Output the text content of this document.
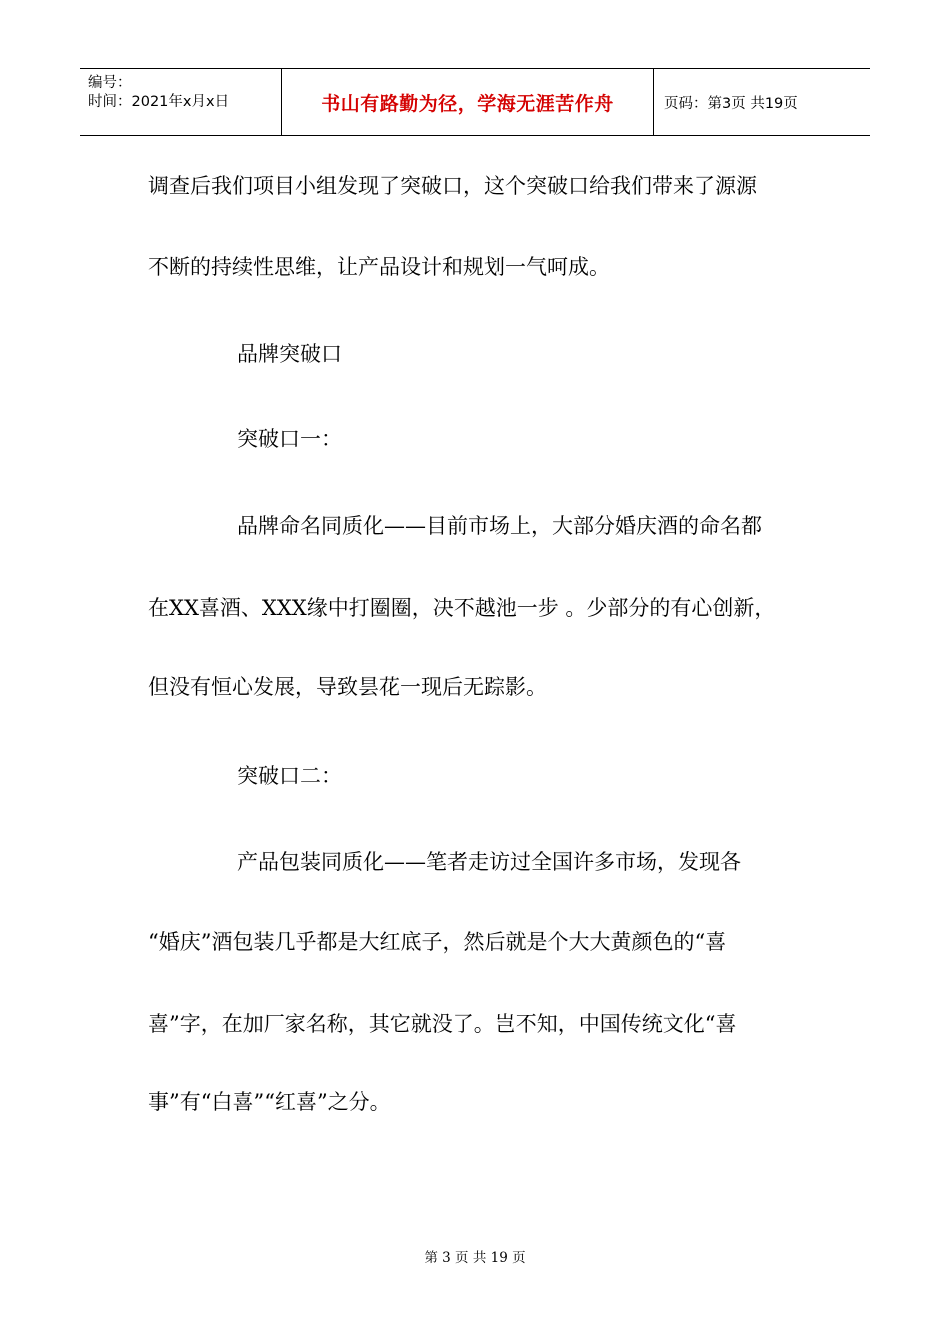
编号：
时间：2021年x月x日	书山有路勤为径，学海无涯苦作舟	页码：第3页 共19页
调查后我们项目小组发现了突破口，这个突破口给我们带来了源源
不断的持续性思维，让产品设计和规划一气呵成。
品牌突破口
突破口一：
品牌命名同质化——目前市场上，大部分婚庆酒的命名都
在XX喜酒、XXX缘中打圈圈，决不越池一步 。少部分的有心创新，
但没有恒心发展，导致昙花一现后无踪影。
突破口二：
产品包装同质化——笔者走访过全国许多市场，发现各
“婚庆”酒包装几乎都是大红底子，然后就是个大大黄颜色的“喜
喜”字，在加厂家名称，其它就没了。岂不知，中国传统文化“喜
事”有“白喜”“红喜”之分。
第 3 页 共 19 页
